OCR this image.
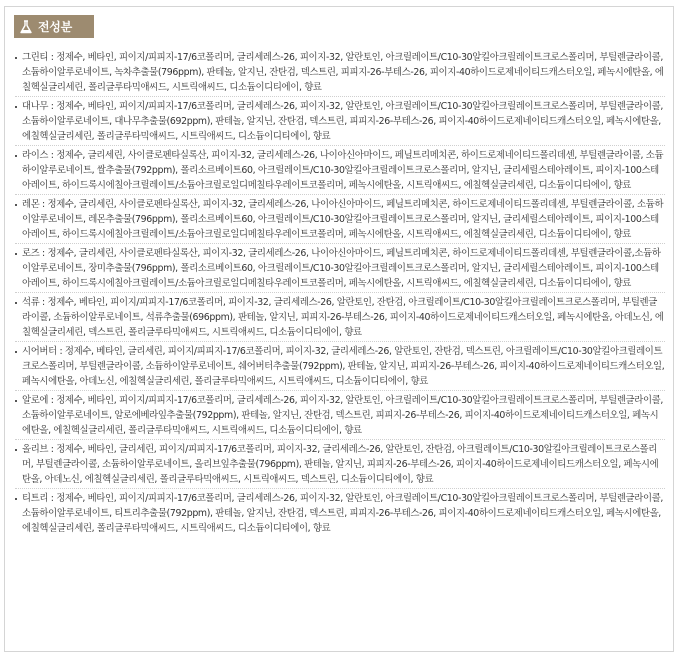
전성분
그린티 : 정제수, 베타인, 피이지/피피지-17/6코폴리머, 글리세레스-26, 피이지-32, 알란토인, 아크릴레이트/C10-30알킬아크릴레이트크로스폴리머, 부틸렌글라이콜, 소듐하이알루로네이트, 녹차추출물(796ppm), 판테놀, 알지닌, 잔탄검, 덱스트린, 피피지-26-부테스-26, 피이지-40하이드로제네이티드캐스터오일, 페녹시에탄올, 에칠헥실글리세린, 폴리글루타믹애씨드, 시트릭애씨드, 디소듐이디티에이, 향료
대나무 : 정제수, 베타인, 피이지/피피지-17/6코폴리머, 글리세레스-26, 피이지-32, 알란토인, 아크릴레이트/C10-30알킬아크릴레이트크로스폴리머, 부틸렌글라이콜, 소듐하이알루로네이트, 대나무추출물(692ppm), 판테놀, 알지닌, 잔탄검, 덱스트린, 피피지-26-부테스-26, 피이지-40하이드로제네이티드캐스터오일, 페녹시에탄올, 에칠헥실글리세린, 폴리글루타믹애씨드, 시트릭애씨드, 디소듐이디티에이, 향료
라이스 : 정제수, 글리세린, 사이클로펜타실록산, 피이지-32, 글리세레스-26, 나이아신아마이드, 페닐트리메치콘, 하이드로제네이티드폴리데센, 부틸렌글라이콜, 소듐하이알루로네이트, 쌀추출물(792ppm), 폴리소르베이트60, 아크릴레이트/C10-30알킬아크릴레이트크로스폴리머, 알지닌, 글리세릴스테아레이트, 피이지-100스테아레이트, 하이드록시에칠아크릴레이트/소듐아크릴로일디메칠타우레이트코폴리머, 페녹시에탄올, 시트릭애씨드, 에칠헥실글리세린, 디소듐이디티에이, 향료
레몬 : 정제수, 글리세린, 사이클로펜타실록산, 피이지-32, 글리세레스-26, 나이아신아마이드, 페닐트리메치콘, 하이드로제네이티드폴리데센, 부틸렌글라이콜, 소듐하이알루로네이트, 레몬추출물(796ppm), 폴리소르베이트60, 아크릴레이트/C10-30알킬아크릴레이트크로스폴리머, 알지닌, 글리세릴스테아레이트, 피이지-100스테아레이트, 하이드록시에칠아크릴레이트/소듐아크릴로일디메칠타우레이트코폴리머, 페녹시에탄올, 시트릭애씨드, 에칠헥실글리세린, 디소듐이디티에이, 향료
로즈 : 정제수, 글리세린, 사이클로펜타실록산, 피이지-32, 글리세레스-26, 나이아신아마이드, 페닐트리메치콘, 하이드로제네이티드폴리데센, 부틸렌글라이콜,소듐하이알루로네이트, 장미추출물(796ppm), 폴리소르베이트60, 아크릴레이트/C10-30알킬아크릴레이트크로스폴리머, 알지닌, 글리세릴스테아레이트, 피이지-100스테아레이트, 하이드록시에칠아크릴레이트/소듐아크릴로일디메칠타우레이트코폴리머, 페녹시에탄올, 시트릭애씨드, 에칠헥실글리세린, 디소듐이디티에이, 향료
석류 : 정제수, 베타인, 피이지/피피지-17/6코폴리머, 피이지-32, 글리세레스-26, 알란토인, 잔탄검, 아크릴레이트/C10-30알킬아크릴레이트크로스폴리머, 부틸렌글라이콜, 소듐하이알루로네이트, 석류추출물(696ppm), 판테놀, 알지닌, 피피지-26-부테스-26, 피이지-40하이드로제네이티드캐스터오일, 페녹시에탄올, 아데노신, 에칠헥실글리세린, 덱스트린, 폴리글루타믹애씨드, 시트릭애씨드, 디소듐이디티에이, 향료
시어버터 : 정제수, 베타인, 글리세린, 피이지/피피지-17/6코폴리머, 피이지-32, 글리세레스-26, 알란토인, 잔탄검, 덱스트린, 아크릴레이트/C10-30알킬아크릴레이트크로스폴리머, 부틸렌글라이콜, 소듐하이알루로네이트, 쉐어버터추출물(792ppm), 판테놀, 알지닌, 피피지-26-부테스-26, 피이지-40하이드로제네이티드캐스터오일, 페녹시에탄올, 아데노신, 에칠헥실글리세린, 폴리글루타믹애씨드, 시트릭애씨드, 디소듐이디티에이, 향료
알로에 : 정제수, 베타인, 피이지/피피지-17/6코폴리머, 글리세레스-26, 피이지-32, 알란토인, 아크릴레이트/C10-30알킬아크릴레이트크로스폴리머, 부틸렌글라이콜, 소듐하이알루로네이트, 알로에베라잎추출물(792ppm), 판테놀, 알지닌, 잔탄검, 덱스트린, 피피지-26-부테스-26, 피이지-40하이드로제네이티드캐스터오일, 페녹시에탄올, 에칠헥실글리세린, 폴리글루타믹애씨드, 시트릭애씨드, 디소듐이디티에이, 향료
올리브 : 정제수, 베타인, 글리세린, 피이지/피피지-17/6코폴리머, 피이지-32, 글리세레스-26, 알란토인, 잔탄검, 아크릴레이트/C10-30알킬아크릴레이트크로스폴리머, 부틸렌글라이콜, 소듐하이알루로네이트, 올리브잎추출물(796ppm), 판테놀, 알지닌, 피피지-26-부테스-26, 피이지-40하이드로제네이티드캐스터오일, 페녹시에탄올, 아데노신, 에칠헥실글리세린, 폴리글루타믹애씨드, 시트릭애씨드, 덱스트린, 디소듐이디티에이, 향료
티트리 : 정제수, 베타인, 피이지/피피지-17/6코폴리머, 글리세레스-26, 피이지-32, 알란토인, 아크릴레이트/C10-30알킬아크릴레이트크로스폴리머, 부틸렌글라이콜, 소듐하이알루로네이트, 티트리추출물(792ppm), 판테놀, 알지닌, 잔탄검, 덱스트린, 피피지-26-부테스-26, 피이지-40하이드로제네이티드캐스터오일, 페녹시에탄올, 에칠헥실글리세린, 폴리글루타믹애씨드, 시트릭애씨드, 디소듐이디티에이, 향료
